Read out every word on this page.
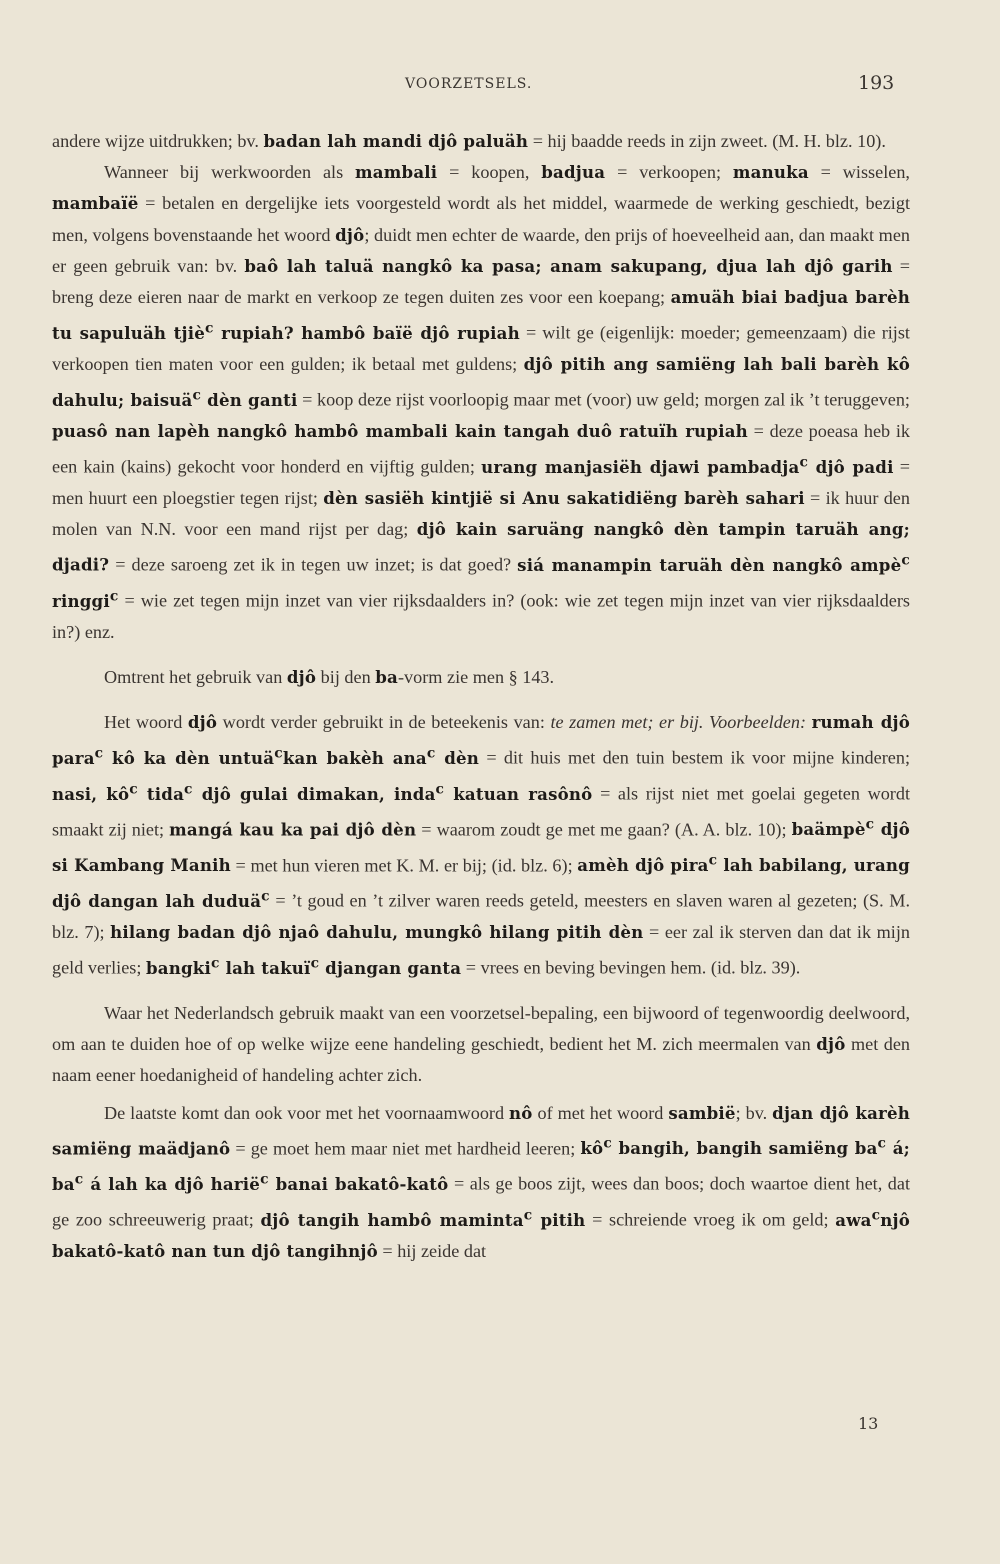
VOORZETSELS.	193

andere wijze uitdrukken; bv. badan lah mandi djô paluäh = hij baadde reeds in zijn zweet. (M. H. blz. 10).

Wanneer bij werkwoorden als mambali = koopen, badjua = verkoopen; manuka = wisselen, mambaïë = betalen en dergelijke iets voorgesteld wordt als het middel, waarmede de werking geschiedt, bezigt men, volgens bovenstaande het woord djô; duidt men echter de waarde, den prijs of hoeveelheid aan, dan maakt men er geen gebruik van: bv. baô lah taluä nangkô ka pasa; anam sakupang, djua lah djô garih = breng deze eieren naar de markt en verkoop ze tegen duiten zes voor een koepang; amuäh biai badjua barèh tu sapuluäh tjiè$^c$ rupiah? hambô baïë djô rupiah = wilt ge (eigenlijk: moeder; gemeenzaam) die rijst verkoopen tien maten voor een gulden; ik betaal met guldens; djô pitih ang samiëng lah bali barèh kô dahulu; baisuä$^c$ dèn ganti = koop deze rijst voorloopig maar met (voor) uw geld; morgen zal ik ’t teruggeven; puasô nan lapèh nangkô hambô mambali kain tangah duô ratuïh rupiah = deze poeasa heb ik een kain (kains) gekocht voor honderd en vijftig gulden; urang manjasiëh djawi pambadja$^c$ djô padi = men huurt een ploegstier tegen rijst; dèn sasiëh kintjië si Anu sakatidiëng barèh sahari = ik huur den molen van N.N. voor een mand rijst per dag; djô kain saruäng nangkô dèn tampin taruäh ang; djadi? = deze saroeng zet ik in tegen uw inzet; is dat goed? siá manampin taruäh dèn nangkô ampè$^c$ ringgi$^c$ = wie zet tegen mijn inzet van vier rijksdaalders in? (ook: wie zet tegen mijn inzet van vier rijksdaalders in?) enz.

Omtrent het gebruik van djô bij den ba-vorm zie men § 143.

Het woord djô wordt verder gebruikt in de beteekenis van: te zamen met; er bij. Voorbeelden: rumah djô para$^c$ kô ka dèn untuä$^c$kan bakèh ana$^c$ dèn = dit huis met den tuin bestem ik voor mijne kinderen; nasi, $kô^c$ tida$^c$ djô gulai dimakan, inda$^c$ katuan rasônô = als rijst niet met goelai gegeten wordt smaakt zij niet; mangá kau ka pai djô dèn = waarom zoudt ge met me gaan? (A. A. blz. 10); baämpè$^c$ djô si Kambang Manih = met hun vieren met K. M. er bij; (id. blz. 6); amèh djô pira$^c$ lah babilang, urang djô dangan lah duduä$^c$ = ’t goud en ’t zilver waren reeds geteld, meesters en slaven waren al gezeten; (S. M. blz. 7); hilang badan djô njaô dahulu, mungkô hilang pitih dèn = eer zal ik sterven dan dat ik mijn geld verlies; bangki$^c$ lah takuï$^c$ djangan ganta = vrees en beving bevingen hem. (id. blz. 39).

Waar het Nederlandsch gebruik maakt van een voorzetsel-bepaling, een bijwoord of tegenwoordig deelwoord, om aan te duiden hoe of op welke wijze eene handeling geschiedt, bedient het M. zich meermalen van djô met den naam eener hoedanigheid of handeling achter zich.

De laatste komt dan ook voor met het voornaamwoord nô of met het woord sambië; bv. djan djô karèh samiëng maädjanô = ge moet hem maar niet met hardheid leeren; $kô^c$ bangih, bangih samiëng $ba^c$ á; $ba^c$ á lah ka djô harië$^c$ banai bakatô-katô = als ge boos zijt, wees dan boos; doch waartoe dient het, dat ge zoo schreeuwerig praat; djô tangih hambô maminta$^c$ pitih = schreiende vroeg ik om geld; awa$^c$njô bakatô-katô nan tun djô tangihnjô = hij zeide dat

13
